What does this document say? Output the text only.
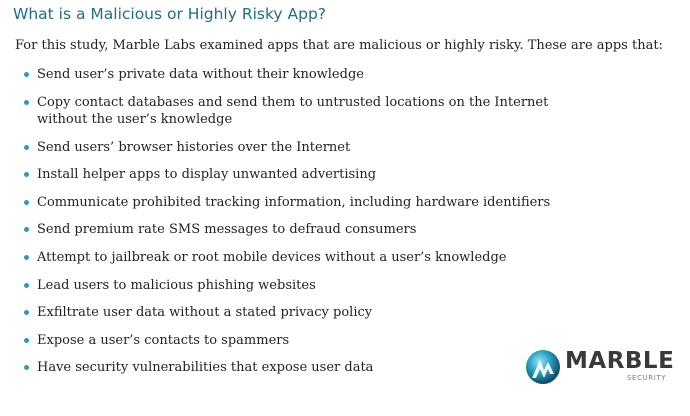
What is a Malicious or Highly Risky App?

For this study, Marble Labs examined apps that are malicious or highly risky. These are apps that:

Send user’s private data without their knowledge
Copy contact databases and send them to untrusted locations on the Internet without the user’s knowledge
Send users’ browser histories over the Internet
Install helper apps to display unwanted advertising
Communicate prohibited tracking information, including hardware identifiers
Send premium rate SMS messages to defraud consumers
Attempt to jailbreak or root mobile devices without a user’s knowledge
Lead users to malicious phishing websites
Exfiltrate user data without a stated privacy policy
Expose a user’s contacts to spammers
Have security vulnerabilities that expose user data	MARBLE
SECURITY
